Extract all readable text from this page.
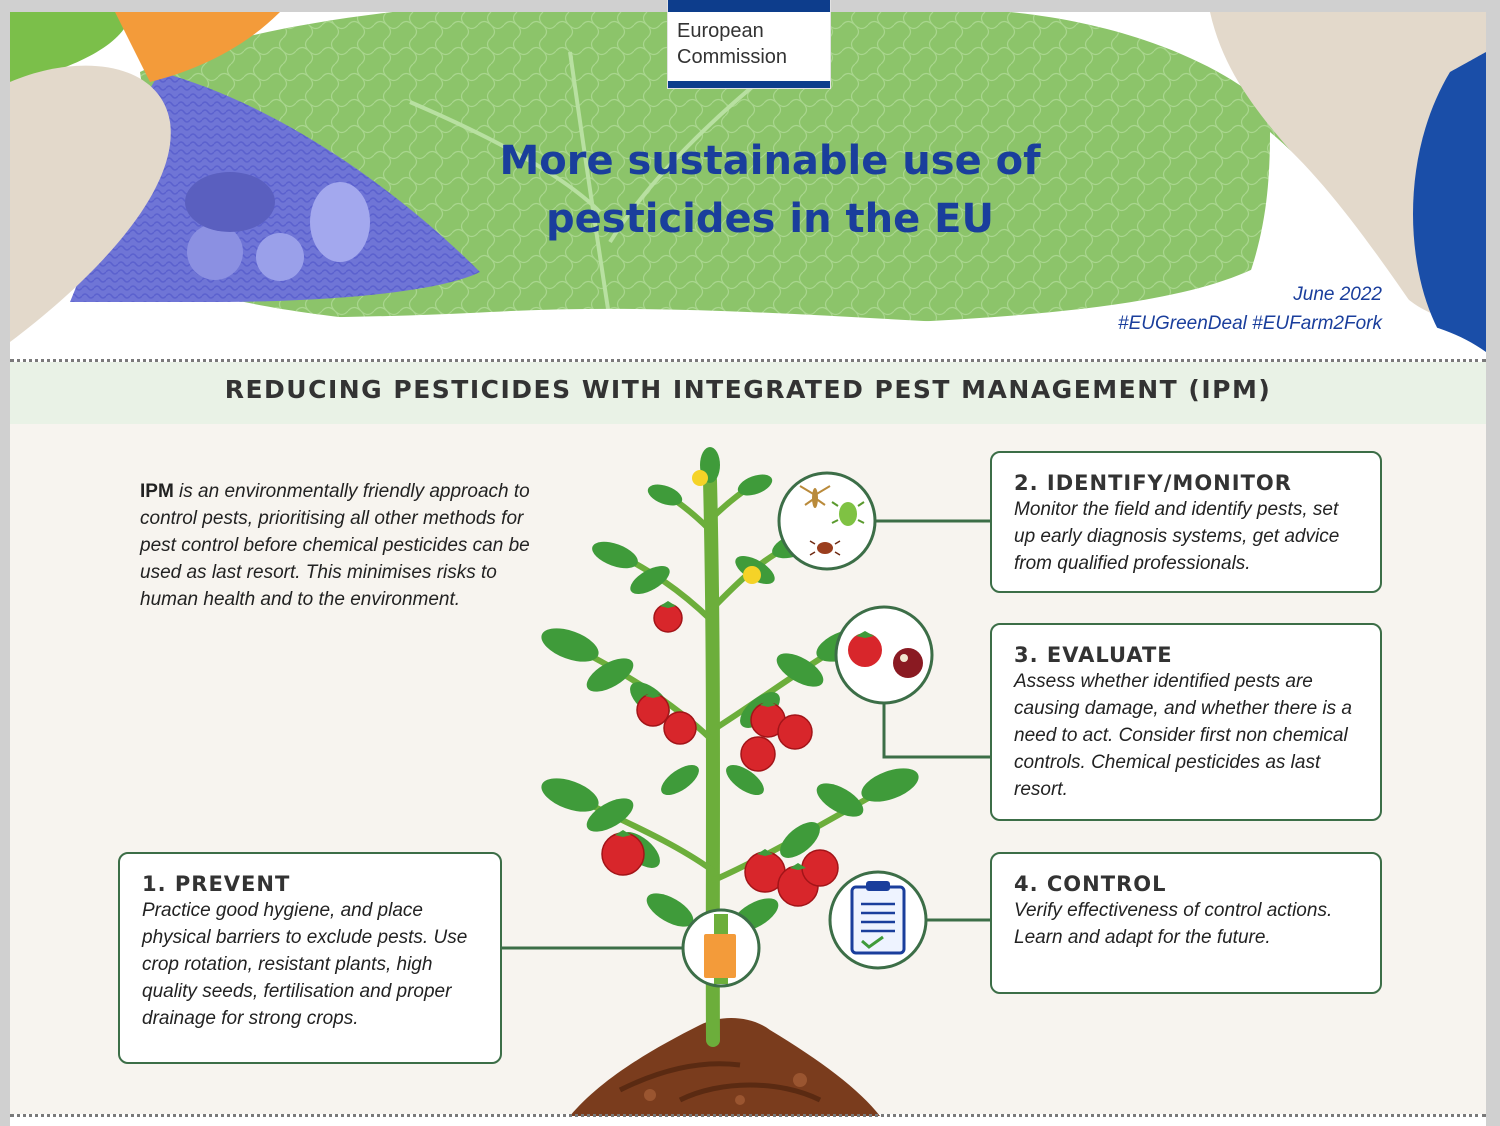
European
Commission
More sustainable use of
pesticides in the EU
June 2022
#EUGreenDeal #EUFarm2Fork
REDUCING PESTICIDES WITH INTEGRATED PEST MANAGEMENT (IPM)
IPM is an environmentally friendly approach to control pests, prioritising all other methods for pest control before chemical pesticides can be used as last resort. This minimises risks to human health and to the environment.
1. PREVENT

Practice good hygiene, and place physical barriers to exclude pests. Use crop rotation, resistant plants, high quality seeds, fertilisation and proper drainage for strong crops.

2. IDENTIFY/MONITOR

Monitor the field and identify pests, set up early diagnosis systems, get advice from qualified professionals.

3. EVALUATE

Assess whether identified pests are causing damage, and whether there is a need to act. Consider first non chemical controls. Chemical pesticides as last resort.

4. CONTROL

Verify effectiveness of control actions. Learn and adapt for the future.
